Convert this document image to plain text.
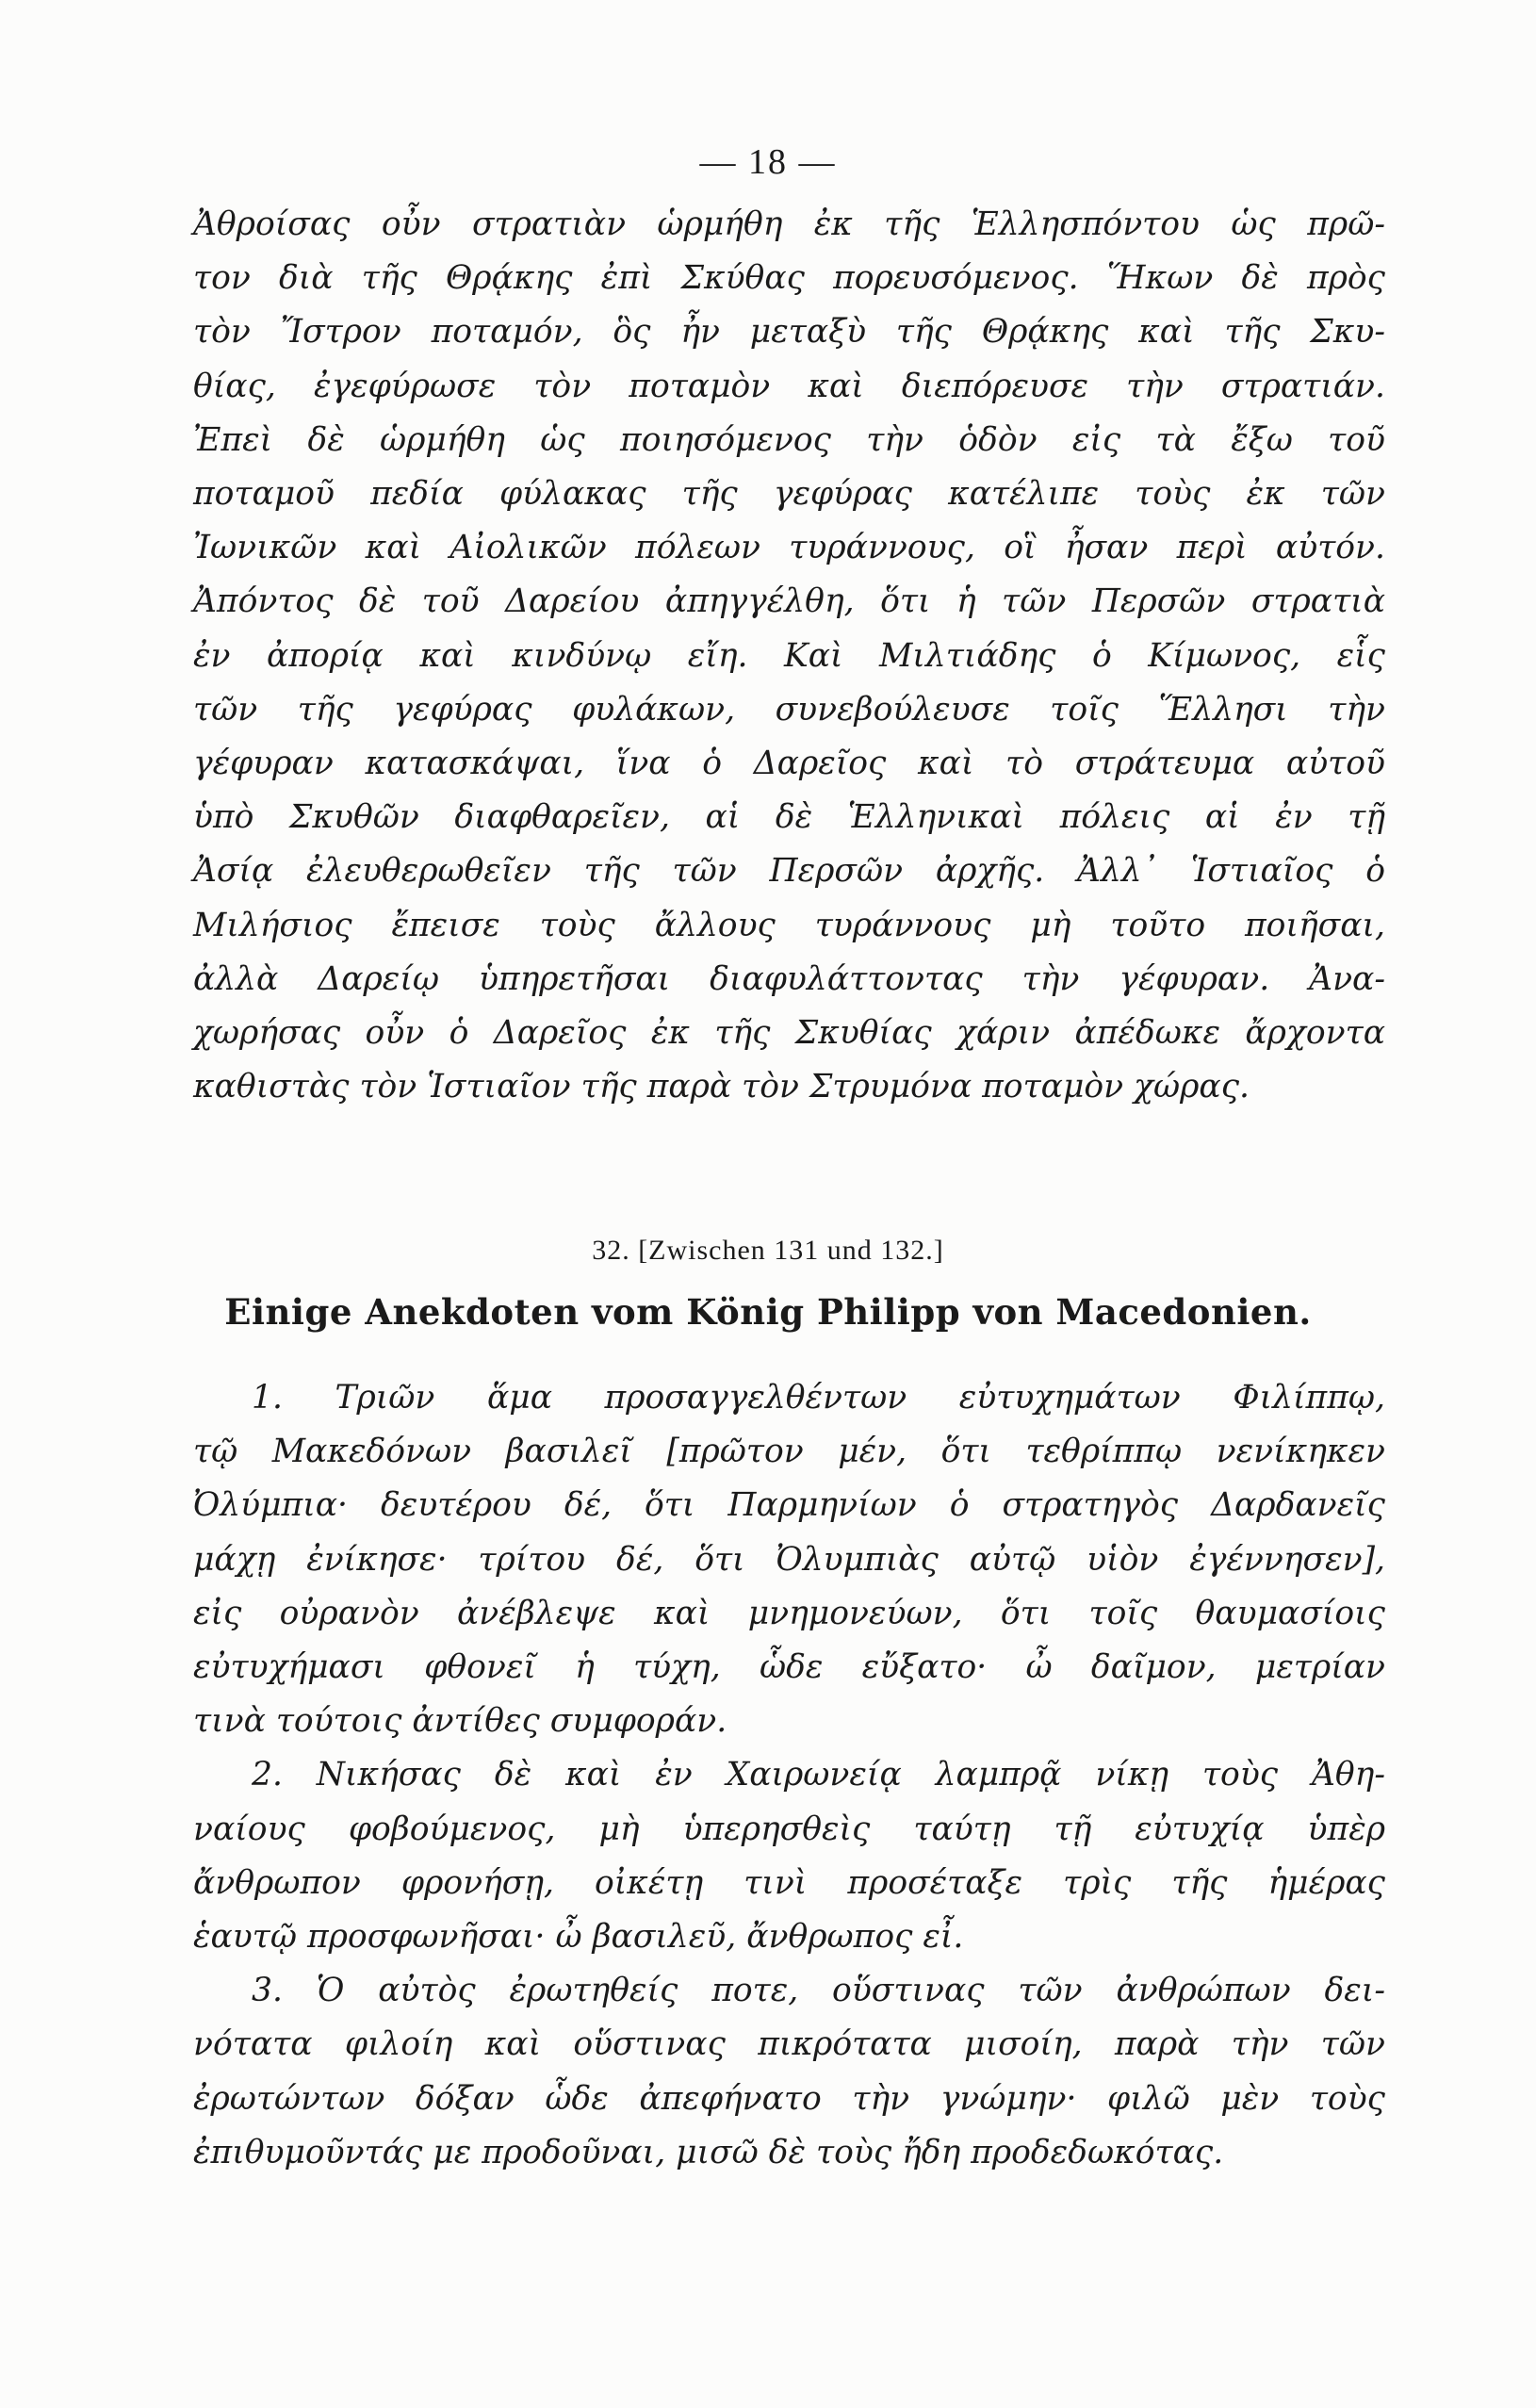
— 18 —
Ἀθροίσας οὖν στρατιὰν ὡρμήθη ἐκ τῆς Ἑλλησπόντου ὡς πρῶ-
τον διὰ τῆς Θρᾴκης ἐπὶ Σκύθας πορευσόμενος. Ἥκων δὲ πρὸς
τὸν Ἴστρον ποταμόν, ὃς ἦν μεταξὺ τῆς Θρᾴκης καὶ τῆς Σκυ-
θίας, ἐγεφύρωσε τὸν ποταμὸν καὶ διεπόρευσε τὴν στρατιάν.
Ἐπεὶ δὲ ὡρμήθη ὡς ποιησόμενος τὴν ὁδὸν εἰς τὰ ἔξω τοῦ
ποταμοῦ πεδία φύλακας τῆς γεφύρας κατέλιπε τοὺς ἐκ τῶν
Ἰωνικῶν καὶ Αἰολικῶν πόλεων τυράννους, οἳ ἦσαν περὶ αὐτόν.
Ἀπόντος δὲ τοῦ Δαρείου ἀπηγγέλθη, ὅτι ἡ τῶν Περσῶν στρατιὰ
ἐν ἀπορίᾳ καὶ κινδύνῳ εἴη. Καὶ Μιλτιάδης ὁ Κίμωνος, εἷς
τῶν τῆς γεφύρας φυλάκων, συνεβούλευσε τοῖς Ἕλλησι τὴν
γέφυραν κατασκάψαι, ἵνα ὁ Δαρεῖος καὶ τὸ στράτευμα αὐτοῦ
ὑπὸ Σκυθῶν διαφθαρεῖεν, αἱ δὲ Ἑλληνικαὶ πόλεις αἱ ἐν τῇ
Ἀσίᾳ ἐλευθερωθεῖεν τῆς τῶν Περσῶν ἀρχῆς. Ἀλλ᾽ Ἱστιαῖος ὁ
Μιλήσιος ἔπεισε τοὺς ἄλλους τυράννους μὴ τοῦτο ποιῆσαι,
ἀλλὰ Δαρείῳ ὑπηρετῆσαι διαφυλάττοντας τὴν γέφυραν. Ἀνα-
χωρήσας οὖν ὁ Δαρεῖος ἐκ τῆς Σκυθίας χάριν ἀπέδωκε ἄρχοντα
καθιστὰς τὸν Ἱστιαῖον τῆς παρὰ τὸν Στρυμόνα ποταμὸν χώρας.
32. [Zwischen 131 und 132.]
Einige Anekdoten vom König Philipp von Macedonien.
1. Τριῶν ἅμα προσαγγελθέντων εὐτυχημάτων Φιλίππῳ,
τῷ Μακεδόνων βασιλεῖ [πρῶτον μέν, ὅτι τεθρίππῳ νενίκηκεν
Ὀλύμπια· δευτέρου δέ, ὅτι Παρμηνίων ὁ στρατηγὸς Δαρδανεῖς
μάχῃ ἐνίκησε· τρίτου δέ, ὅτι Ὀλυμπιὰς αὐτῷ υἱὸν ἐγέννησεν],
εἰς οὐρανὸν ἀνέβλεψε καὶ μνημονεύων, ὅτι τοῖς θαυμασίοις
εὐτυχήμασι φθονεῖ ἡ τύχη, ὧδε εὔξατο· ὦ δαῖμον, μετρίαν
τινὰ τούτοις ἀντίθες συμφοράν.
2. Νικήσας δὲ καὶ ἐν Χαιρωνείᾳ λαμπρᾷ νίκῃ τοὺς Ἀθη-
ναίους φοβούμενος, μὴ ὑπερησθεὶς ταύτῃ τῇ εὐτυχίᾳ ὑπὲρ
ἄνθρωπον φρονήσῃ, οἰκέτῃ τινὶ προσέταξε τρὶς τῆς ἡμέρας
ἑαυτῷ προσφωνῆσαι· ὦ βασιλεῦ, ἄνθρωπος εἶ.
3. Ὁ αὐτὸς ἐρωτηθείς ποτε, οὕστινας τῶν ἀνθρώπων δει-
νότατα φιλοίη καὶ οὕστινας πικρότατα μισοίη, παρὰ τὴν τῶν
ἐρωτώντων δόξαν ὧδε ἀπεφήνατο τὴν γνώμην· φιλῶ μὲν τοὺς
ἐπιθυμοῦντάς με προδοῦναι, μισῶ δὲ τοὺς ἤδη προδεδωκότας.
